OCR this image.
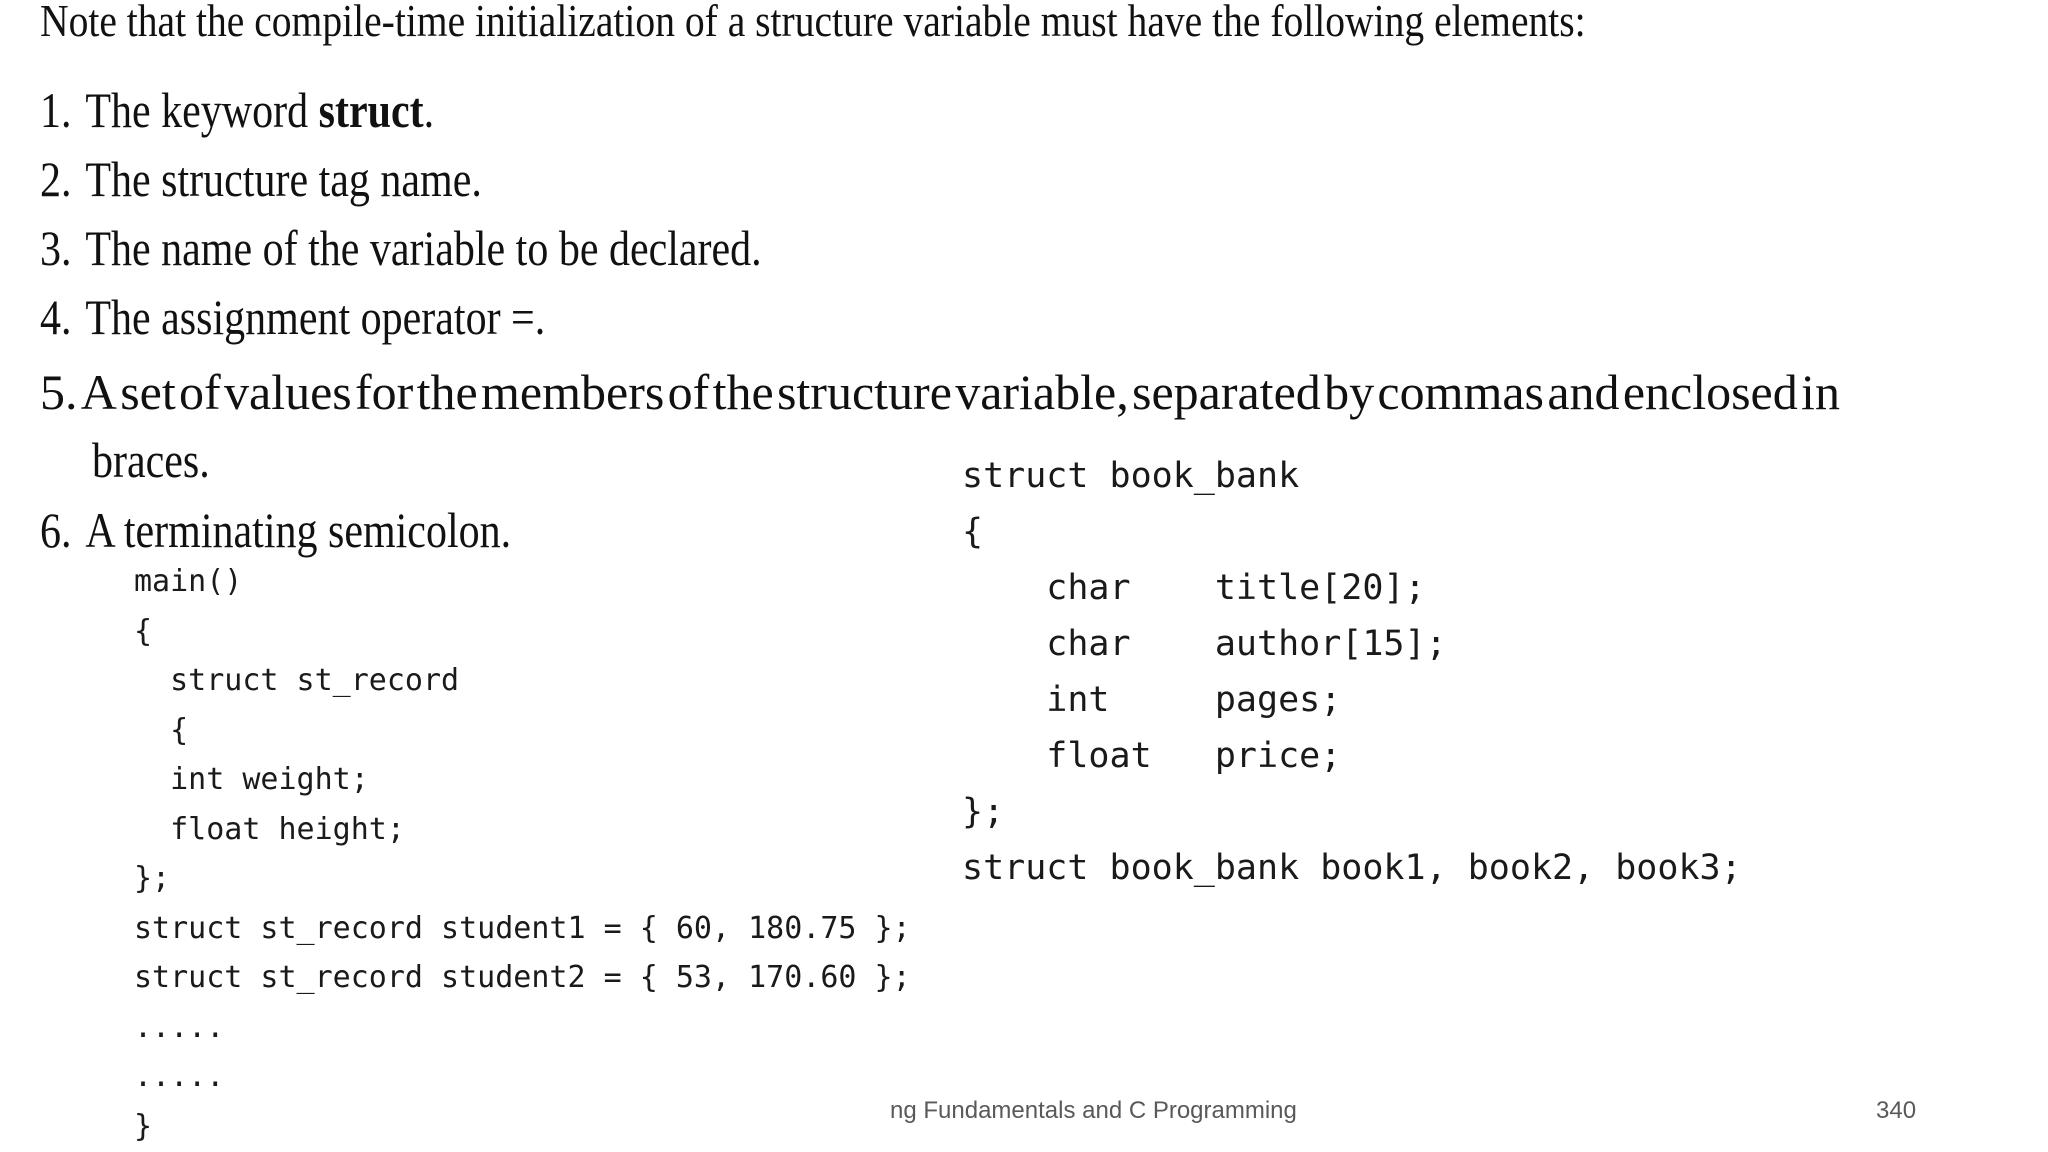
Note that the compile-time initialization of a structure variable must have the following elements:
1. The keyword struct.
2. The structure tag name.
3. The name of the variable to be declared.
4. The assignment operator =.
5. A set of values for the members of the structure variable, separated by commas and enclosed in
braces.
6. A terminating semicolon.
main()
{
struct st_record
{
int weight;
float height;
};
struct st_record student1 = { 60, 180.75 };
struct st_record student2 = { 53, 170.60 };
.....
.....
}
struct book_bank
{
char    title[20];
char    author[15];
int     pages;
float   price;
};
struct book_bank book1, book2, book3;
ng Fundamentals and C Programming	340
